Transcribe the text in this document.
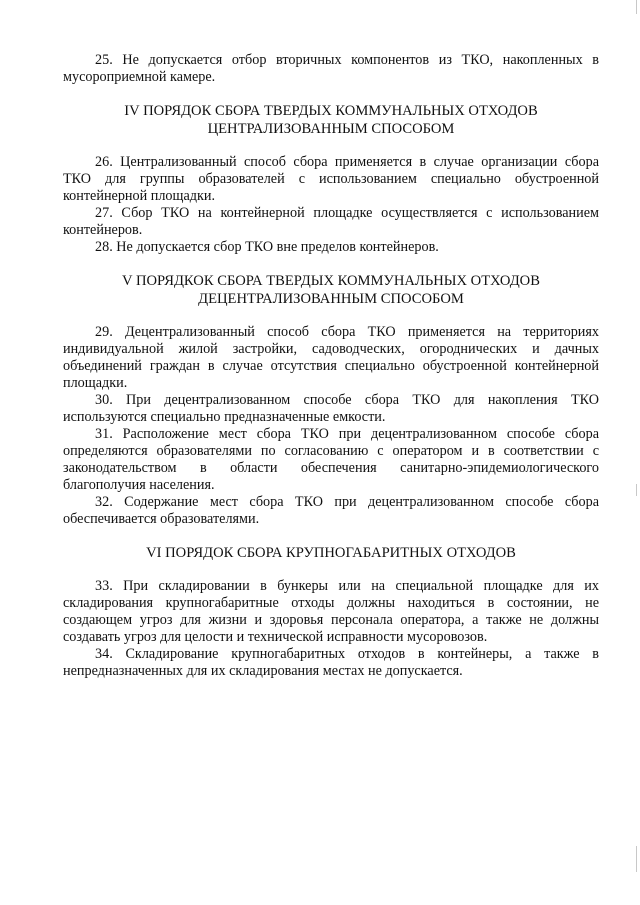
25. Не допускается отбор вторичных компонентов из ТКО, накопленных в мусороприемной камере.

IV ПОРЯДОК СБОРА ТВЕРДЫХ КОММУНАЛЬНЫХ ОТХОДОВ

ЦЕНТРАЛИЗОВАННЫМ СПОСОБОМ

26. Централизованный способ сбора применяется в случае организации сбора ТКО для группы образователей с использованием специально обустроенной контейнерной площадки.

27. Сбор ТКО на контейнерной площадке осуществляется с использованием контейнеров.

28. Не допускается сбор ТКО вне пределов контейнеров.

V ПОРЯДКОК СБОРА ТВЕРДЫХ КОММУНАЛЬНЫХ ОТХОДОВ

ДЕЦЕНТРАЛИЗОВАННЫМ СПОСОБОМ

29. Децентрализованный способ сбора ТКО применяется на территориях индивидуальной жилой застройки, садоводческих, огороднических и дачных объединений граждан в случае отсутствия специально обустроенной контейнерной площадки.

30. При децентрализованном способе сбора ТКО для накопления ТКО используются специально предназначенные емкости.

31. Расположение мест сбора ТКО при децентрализованном способе сбора определяются образователями по согласованию с оператором и в соответствии с законодательством в области обеспечения санитарно-эпидемиологического благополучия населения.

32. Содержание мест сбора ТКО при децентрализованном способе сбора обеспечивается образователями.

VI ПОРЯДОК СБОРА КРУПНОГАБАРИТНЫХ ОТХОДОВ

33. При складировании в бункеры или на специальной площадке для их складирования крупногабаритные отходы должны находиться в состоянии, не создающем угроз для жизни и здоровья персонала оператора, а также не должны создавать угроз для целости и технической исправности мусоровозов.

34. Складирование крупногабаритных отходов в контейнеры, а также в непредназначенных для их складирования местах не допускается.
